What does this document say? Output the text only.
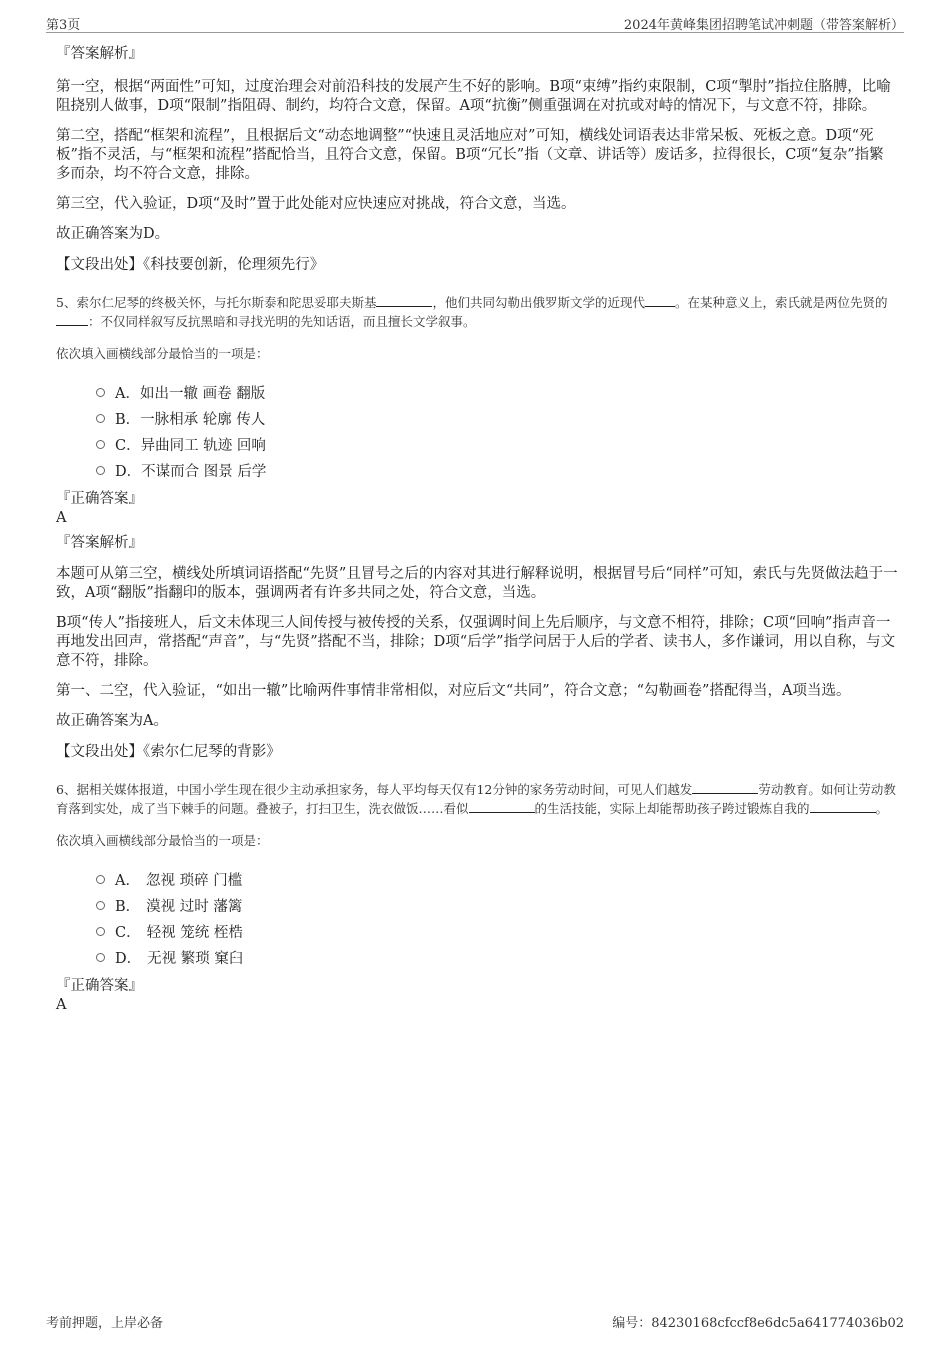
第3页	2024年黄峰集团招聘笔试冲刺题（带答案解析）

『答案解析』

第一空，根据“两面性”可知，过度治理会对前沿科技的发展产生不好的影响。B项“束缚”指约束限制，C项“掣肘”指拉住胳膊，比喻阻挠别人做事，D项“限制”指阻碍、制约，均符合文意，保留。A项“抗衡”侧重强调在对抗或对峙的情况下，与文意不符，排除。

第二空，搭配“框架和流程”，且根据后文“动态地调整”“快速且灵活地应对”可知，横线处词语表达非常呆板、死板之意。D项“死板”指不灵活，与“框架和流程”搭配恰当，且符合文意，保留。B项“冗长”指（文章、讲话等）废话多，拉得很长，C项“复杂”指繁多而杂，均不符合文意，排除。

第三空，代入验证，D项“及时”置于此处能对应快速应对挑战，符合文意，当选。

故正确答案为D。

【文段出处】《科技要创新，伦理须先行》

5、索尔仁尼琴的终极关怀，与托尔斯泰和陀思妥耶夫斯基	，他们共同勾勒出俄罗斯文学的近现代 。在某种意义上，索氏就是两位先贤的：不仅同样叙写反抗黑暗和寻找光明的先知话语，而且擅长文学叙事。

依次填入画横线部分最恰当的一项是：

A． 如出一辙 画卷 翻版
B． 一脉相承 轮廓 传人
C． 异曲同工 轨迹 回响
D． 不谋而合 图景 后学

『正确答案』

A

『答案解析』

本题可从第三空，横线处所填词语搭配“先贤”且冒号之后的内容对其进行解释说明，根据冒号后“同样”可知，索氏与先贤做法趋于一致，A项“翻版”指翻印的版本，强调两者有许多共同之处，符合文意，当选。

B项“传人”指接班人，后文未体现三人间传授与被传授的关系，仅强调时间上先后顺序，与文意不相符，排除；C项“回响”指声音一再地发出回声，常搭配“声音”，与“先贤”搭配不当，排除；D项“后学”指学问居于人后的学者、读书人，多作谦词，用以自称，与文意不符，排除。

第一、二空，代入验证，“如出一辙”比喻两件事情非常相似，对应后文“共同”，符合文意；“勾勒画卷”搭配得当，A项当选。

故正确答案为A。

【文段出处】《索尔仁尼琴的背影》

6、据相关媒体报道，中国小学生现在很少主动承担家务，每人平均每天仅有12分钟的家务劳动时间，可见人们越发	劳动教育。如何让劳动教育落到实处，成了当下棘手的问题。叠被子，打扫卫生，洗衣做饭……看似	的生活技能，实际上却能帮助孩子跨过锻炼自我的	。

依次填入画横线部分最恰当的一项是：

A． 忽视 琐碎 门槛
B． 漠视 过时 藩篱
C． 轻视 笼统 桎梏
D． 无视 繁琐 窠臼

『正确答案』

A

考前押题，上岸必备	编号：84230168cfccf8e6dc5a641774036b02
